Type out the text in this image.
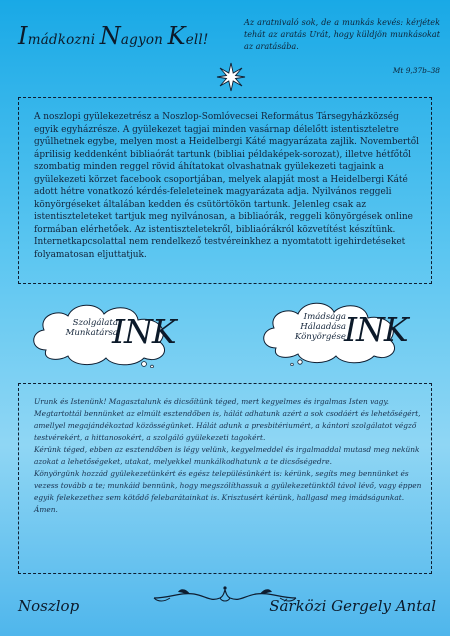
Imádkozni Nagyon Kell!
Az aratnivaló sok, de a munkás kevés: kérjétek tehát az aratás Urát, hogy küldjön munkásokat az aratásába.
Mt 9,37b–38
A noszlopi gyülekezetrész a Noszlop-Somlóvecsei Református Társegyházközség egyik egyházrésze. A gyülekezet tagjai minden vasárnap délelőtt istentiszteletre gyűlhetnek egybe, melyen most a Heidelbergi Káté magyarázata zajlik. Novembertől áprilisig keddenként bibliaórát tartunk (bibliai példaképek-sorozat), illetve hétfőtől szombatig minden reggel rövid áhítatokat olvashatnak gyülekezeti tagjaink a gyülekezeti körzet facebook csoportjában, melyek alapját most a Heidelbergi Káté adott hétre vonatkozó kérdés-feleleteinek magyarázata adja. Nyilvános reggeli könyörgéseket általában kedden és csütörtökön tartunk. Jelenleg csak az istentiszteleteket tartjuk meg nyilvánosan, a bibliaórák, reggeli könyörgések online formában elérhetőek. Az istentiszteletekről, bibliaórákról közvetítést készítünk. Internetkapcsolattal nem rendelkező testvéreinkhez a nyomtatott igehirdetéseket folyamatosan eljuttatjuk.
Szolgálata
Munkatársa
INK	Imádsága
Hálaadása
Könyörgése
INK

Urunk és Istenünk! Magasztalunk és dicsőítünk téged, mert kegyelmes és irgalmas Isten vagy.

Megtartottál bennünket az elmúlt esztendőben is, hálát adhatunk azért a sok csodáért és lehetőségért, amellyel megajándékoztad közösségünket. Hálát adunk a presbitériumért, a kántori szolgálatot végző testvérekért, a hittanosokért, a szolgáló gyülekezeti tagokért.

Kérünk téged, ebben az esztendőben is légy velünk, kegyelmeddel és irgalmaddal mutasd meg nekünk azokat a lehetőségeket, utakat, melyekkel munkálkodhatunk a te dicsőségedre.

Könyörgünk hozzád gyülekezetünkért és egész településünkért is: kérünk, segíts meg bennünket és vezess tovább a te; munkáid bennünk, hogy megszólíthassuk a gyülekezetünktől távol lévő, vagy éppen egyik felekezethez sem kötődő felebarátainkat is. Krisztusért kérünk, hallgasd meg imádságunkat. Ámen.

Noszlop	Sárközi Gergely Antal
